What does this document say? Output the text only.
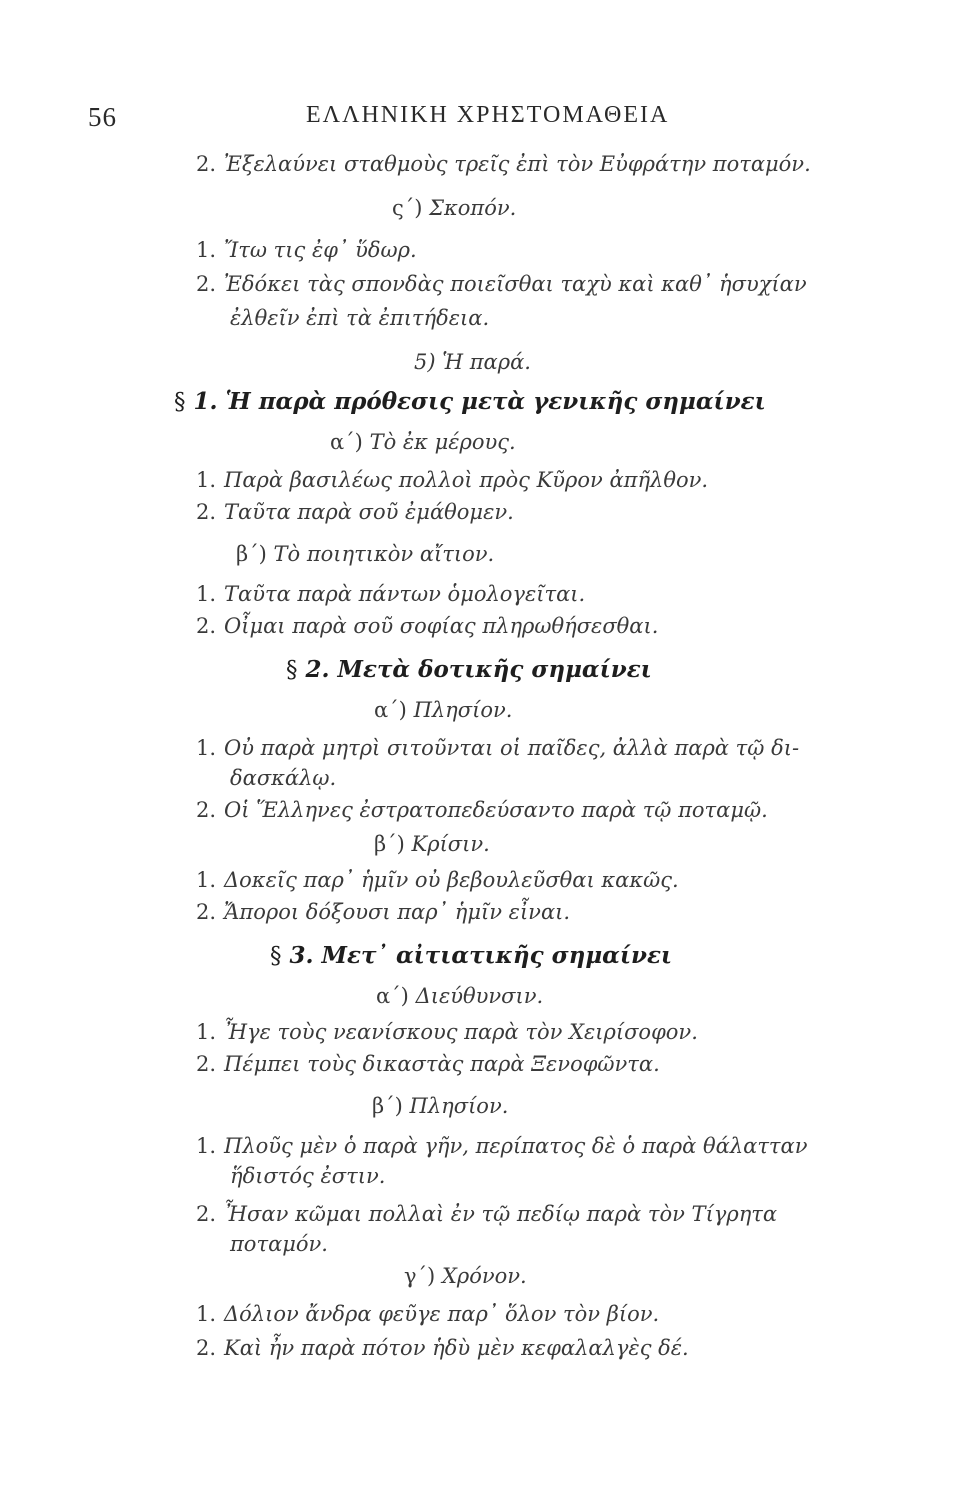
56	ΕΛΛΗΝΙΚΗ ΧΡΗΣΤΟΜΑΘΕΙΑ
2. Ἐξελαύνει σταθμοὺς τρεῖς ἐπὶ τὸν Εὐφράτην ποταμόν.
ς΄) Σκοπόν.
1. Ἴτω τις ἐφ᾽ ὕδωρ.
2. Ἐδόκει τὰς σπονδὰς ποιεῖσθαι ταχὺ καὶ καθ᾽ ἡσυχίαν
ἐλθεῖν ἐπὶ τὰ ἐπιτήδεια.
5) Ἡ παρά.
§ 1. Ἡ παρὰ πρόθεσις μετὰ γενικῆς σημαίνει
α΄) Τὸ ἐκ μέρους.
1. Παρὰ βασιλέως πολλοὶ πρὸς Κῦρον ἀπῆλθον.
2. Ταῦτα παρὰ σοῦ ἐμάθομεν.
β΄) Τὸ ποιητικὸν αἴτιον.
1. Ταῦτα παρὰ πάντων ὁμολογεῖται.
2. Οἶμαι παρὰ σοῦ σοφίας πληρωθήσεσθαι.
§ 2. Μετὰ δοτικῆς σημαίνει
α΄) Πλησίον.
1. Οὐ παρὰ μητρὶ σιτοῦνται οἱ παῖδες, ἀλλὰ παρὰ τῷ δι-
δασκάλῳ.
2. Οἱ Ἕλληνες ἐστρατοπεδεύσαντο παρὰ τῷ ποταμῷ.
β΄) Κρίσιν.
1. Δοκεῖς παρ᾽ ἡμῖν οὐ βεβουλεῦσθαι κακῶς.
2. Ἄποροι δόξουσι παρ᾽ ἡμῖν εἶναι.
§ 3. Μετ᾽ αἰτιατικῆς σημαίνει
α΄) Διεύθυνσιν.
1. Ἦγε τοὺς νεανίσκους παρὰ τὸν Χειρίσοφον.
2. Πέμπει τοὺς δικαστὰς παρὰ Ξενοφῶντα.
β΄) Πλησίον.
1. Πλοῦς μὲν ὁ παρὰ γῆν, περίπατος δὲ ὁ παρὰ θάλατταν
ἥδιστός ἐστιν.
2. Ἦσαν κῶμαι πολλαὶ ἐν τῷ πεδίῳ παρὰ τὸν Τίγρητα
ποταμόν.
γ΄) Χρόνον.
1. Δόλιον ἄνδρα φεῦγε παρ᾽ ὅλον τὸν βίον.
2. Καὶ ἦν παρὰ πότον ἡδὺ μὲν κεφαλαλγὲς δέ.
